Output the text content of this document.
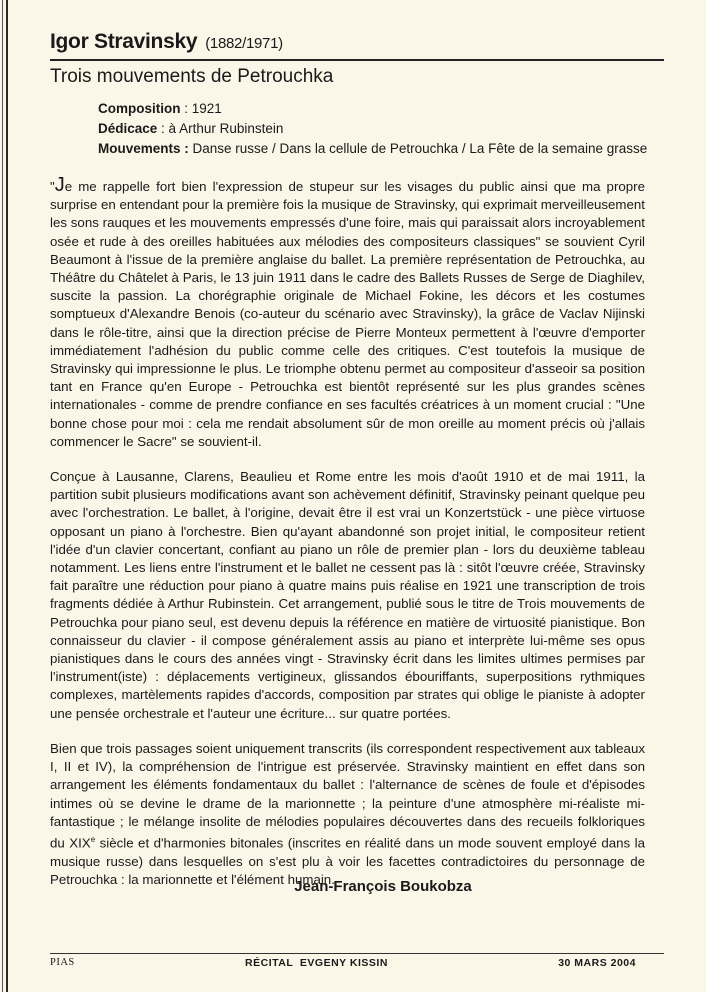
Igor Stravinsky (1882/1971)
Trois mouvements de Petrouchka
Composition : 1921
Dédicace : à Arthur Rubinstein
Mouvements : Danse russe / Dans la cellule de Petrouchka / La Fête de la semaine grasse

"Je me rappelle fort bien l'expression de stupeur sur les visages du public ainsi que ma propre surprise en entendant pour la première fois la musique de Stravinsky, qui exprimait merveilleusement les sons rauques et les mouvements empressés d'une foire, mais qui paraissait alors incroyablement osée et rude à des oreilles habituées aux mélodies des compositeurs classiques" se souvient Cyril Beaumont à l'issue de la première anglaise du ballet. La première représentation de Petrouchka, au Théâtre du Châtelet à Paris, le 13 juin 1911 dans le cadre des Ballets Russes de Serge de Diaghilev, suscite la passion. La chorégraphie originale de Michael Fokine, les décors et les costumes somptueux d'Alexandre Benois (co-auteur du scénario avec Stravinsky), la grâce de Vaclav Nijinski dans le rôle-titre, ainsi que la direction précise de Pierre Monteux permettent à l'œuvre d'emporter immédiatement l'adhésion du public comme celle des critiques. C'est toutefois la musique de Stravinsky qui impressionne le plus. Le triomphe obtenu permet au compositeur d'asseoir sa position tant en France qu'en Europe - Petrouchka est bientôt représenté sur les plus grandes scènes internationales - comme de prendre confiance en ses facultés créatrices à un moment crucial : "Une bonne chose pour moi : cela me rendait absolument sûr de mon oreille au moment précis où j'allais commencer le Sacre" se souvient-il.

Conçue à Lausanne, Clarens, Beaulieu et Rome entre les mois d'août 1910 et de mai 1911, la partition subit plusieurs modifications avant son achèvement définitif, Stravinsky peinant quelque peu avec l'orchestration. Le ballet, à l'origine, devait être il est vrai un Konzertstück - une pièce virtuose opposant un piano à l'orchestre. Bien qu'ayant abandonné son projet initial, le compositeur retient l'idée d'un clavier concertant, confiant au piano un rôle de premier plan - lors du deuxième tableau notamment. Les liens entre l'instrument et le ballet ne cessent pas là : sitôt l'œuvre créée, Stravinsky fait paraître une réduction pour piano à quatre mains puis réalise en 1921 une transcription de trois fragments dédiée à Arthur Rubinstein. Cet arrangement, publié sous le titre de Trois mouvements de Petrouchka pour piano seul, est devenu depuis la référence en matière de virtuosité pianistique. Bon connaisseur du clavier - il compose généralement assis au piano et interprète lui-même ses opus pianistiques dans le cours des années vingt - Stravinsky écrit dans les limites ultimes permises par l'instrument(iste) : déplacements vertigineux, glissandos ébouriffants, superpositions rythmiques complexes, martèlements rapides d'accords, composition par strates qui oblige le pianiste à adopter une pensée orchestrale et l'auteur une écriture... sur quatre portées.

Bien que trois passages soient uniquement transcrits (ils correspondent respectivement aux tableaux I, II et IV), la compréhension de l'intrigue est préservée. Stravinsky maintient en effet dans son arrangement les éléments fondamentaux du ballet : l'alternance de scènes de foule et d'épisodes intimes où se devine le drame de la marionnette ; la peinture d'une atmosphère mi-réaliste mi-fantastique ; le mélange insolite de mélodies populaires découvertes dans des recueils folkloriques du XIXe siècle et d'harmonies bitonales (inscrites en réalité dans un mode souvent employé dans la musique russe) dans lesquelles on s'est plu à voir les facettes contradictoires du personnage de Petrouchka : la marionnette et l'élément humain.

Jean-François Boukobza
PIAS	RÉCITAL  EVGENY KISSIN	30 MARS 2004
